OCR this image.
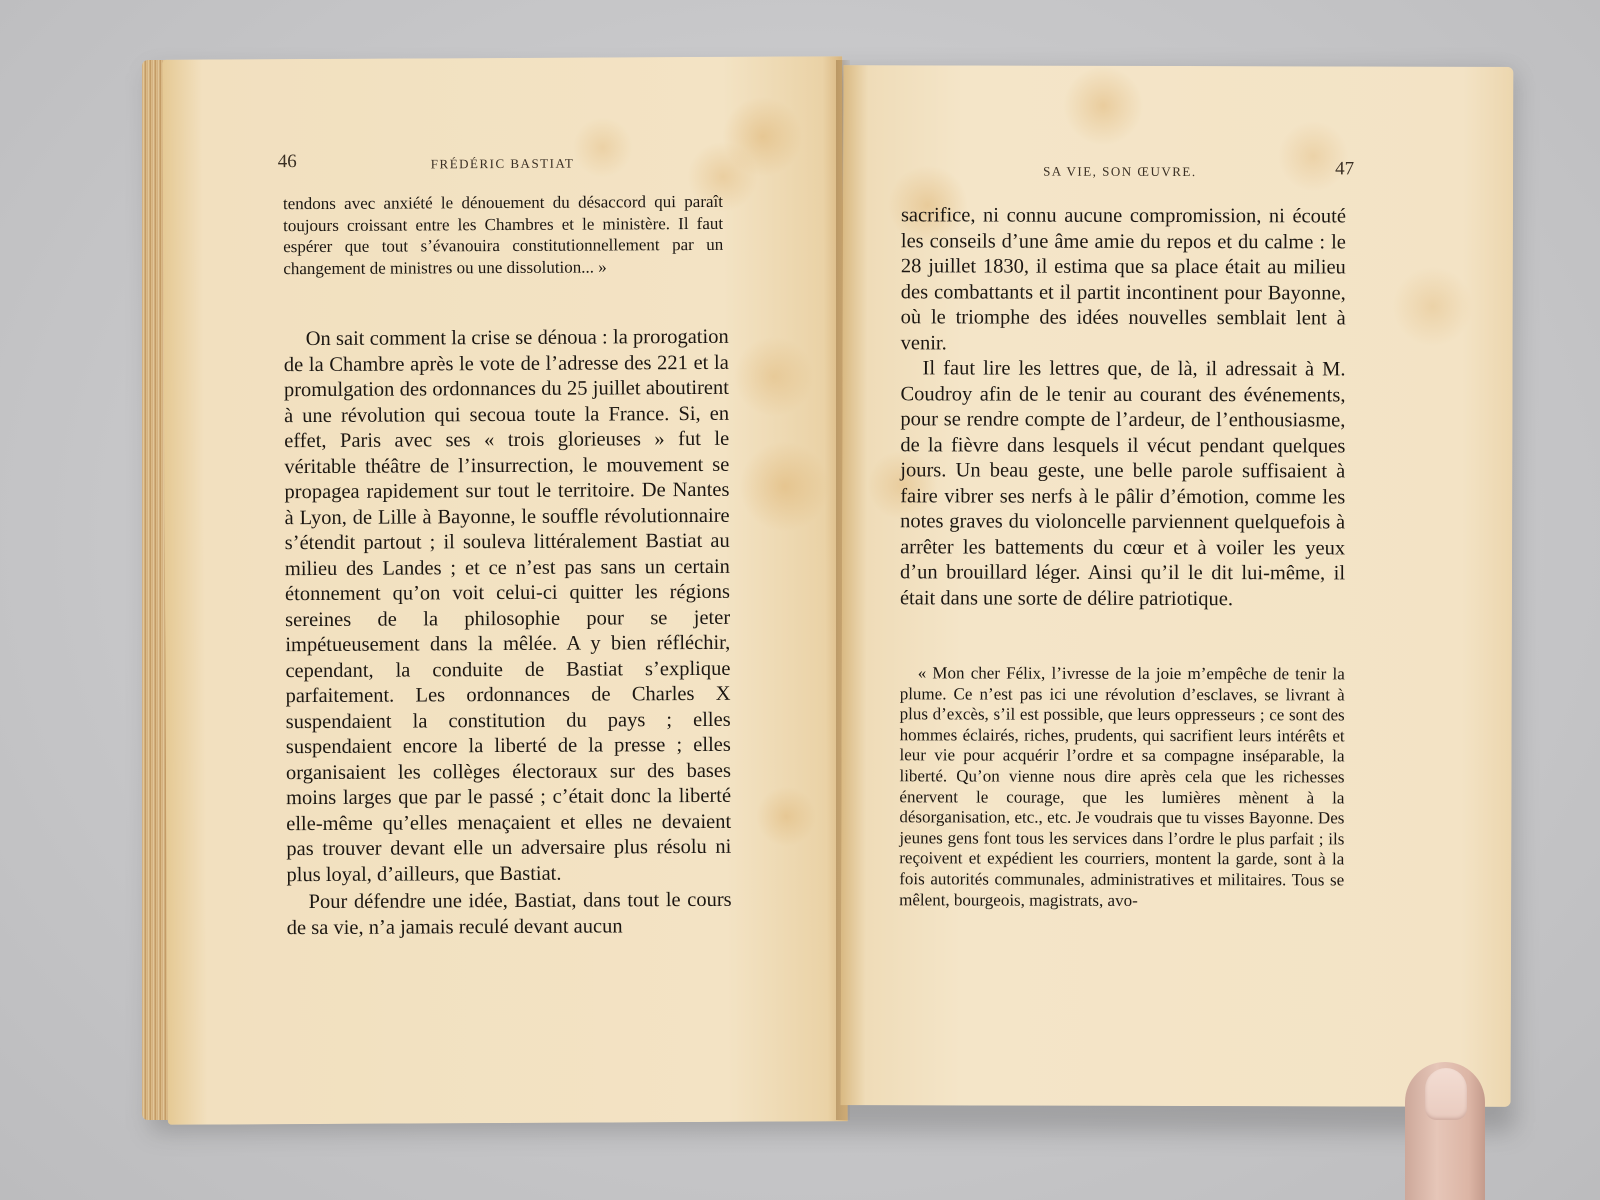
46	FRÉDÉRIC BASTIAT

tendons avec anxiété le dénouement du désaccord qui paraît toujours croissant entre les Chambres et le ministère. Il faut espérer que tout s’évanouira constitutionnellement par un changement de ministres ou une dissolution... »

On sait comment la crise se dénoua : la prorogation de la Chambre après le vote de l’adresse des 221 et la promulgation des ordonnances du 25 juillet aboutirent à une révolution qui secoua toute la France. Si, en effet, Paris avec ses « trois glorieuses » fut le véritable théâtre de l’insurrection, le mouvement se propagea rapidement sur tout le territoire. De Nantes à Lyon, de Lille à Bayonne, le souffle révolutionnaire s’étendit partout ; il souleva littéralement Bastiat au milieu des Landes ; et ce n’est pas sans un certain étonnement qu’on voit celui-ci quitter les régions sereines de la philosophie pour se jeter impétueusement dans la mêlée. A y bien réfléchir, cependant, la conduite de Bastiat s’explique parfaitement. Les ordonnances de Charles X suspendaient la constitution du pays ; elles suspendaient encore la liberté de la presse ; elles organisaient les collèges électoraux sur des bases moins larges que par le passé ; c’était donc la liberté elle-même qu’elles menaçaient et elles ne devaient pas trouver devant elle un adversaire plus résolu ni plus loyal, d’ailleurs, que Bastiat.

Pour défendre une idée, Bastiat, dans tout le cours de sa vie, n’a jamais reculé devant aucun

SA VIE, SON ŒUVRE.	47

sacrifice, ni connu aucune compromission, ni écouté les conseils d’une âme amie du repos et du calme : le 28 juillet 1830, il estima que sa place était au milieu des combattants et il partit incontinent pour Bayonne, où le triomphe des idées nouvelles semblait lent à venir.

Il faut lire les lettres que, de là, il adressait à M. Coudroy afin de le tenir au courant des événements, pour se rendre compte de l’ardeur, de l’enthousiasme, de la fièvre dans lesquels il vécut pendant quelques jours. Un beau geste, une belle parole suffisaient à faire vibrer ses nerfs à le pâlir d’émotion, comme les notes graves du violoncelle parviennent quelquefois à arrêter les battements du cœur et à voiler les yeux d’un brouillard léger. Ainsi qu’il le dit lui-même, il était dans une sorte de délire patriotique.

« Mon cher Félix, l’ivresse de la joie m’empêche de tenir la plume. Ce n’est pas ici une révolution d’esclaves, se livrant à plus d’excès, s’il est possible, que leurs oppresseurs ; ce sont des hommes éclairés, riches, prudents, qui sacrifient leurs intérêts et leur vie pour acquérir l’ordre et sa compagne inséparable, la liberté. Qu’on vienne nous dire après cela que les richesses énervent le courage, que les lumières mènent à la désorganisation, etc., etc. Je voudrais que tu visses Bayonne. Des jeunes gens font tous les services dans l’ordre le plus parfait ; ils reçoivent et expédient les courriers, montent la garde, sont à la fois autorités communales, administratives et militaires. Tous se mêlent, bourgeois, magistrats, avo-
